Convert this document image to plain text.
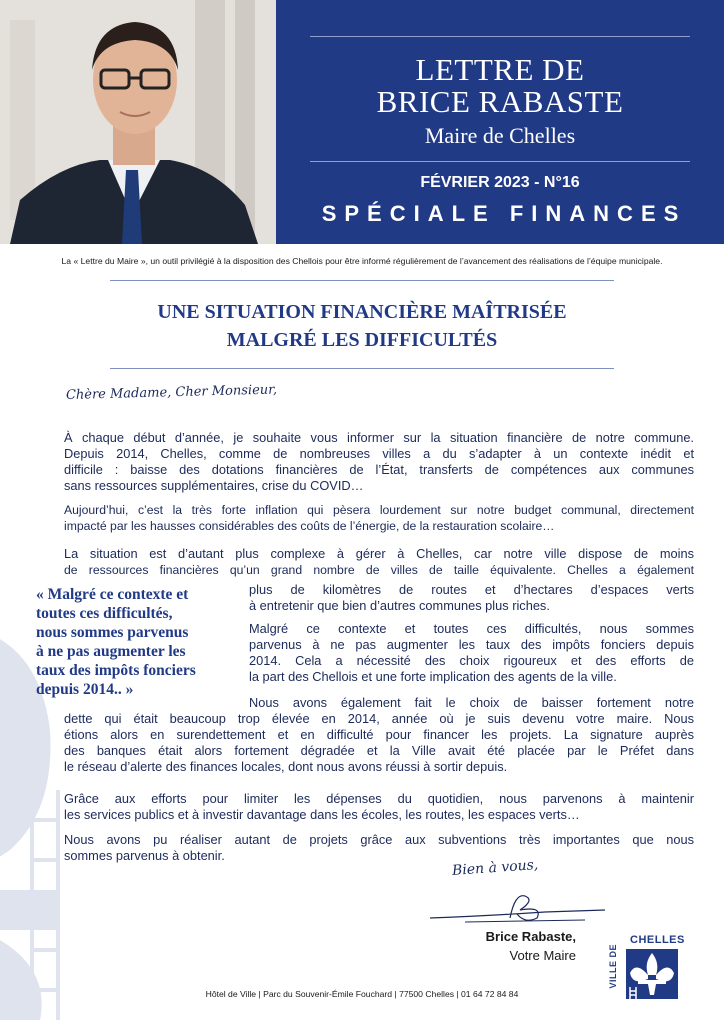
LETTRE DE
BRICE RABASTE
Maire de Chelles
FÉVRIER 2023 - N°16
SPÉCIALE FINANCES
La « Lettre du Maire », un outil privilégié à la disposition des Chellois pour être informé régulièrement de l’avancement des réalisations de l’équipe municipale.
UNE SITUATION FINANCIÈRE MAÎTRISÉE
MALGRÉ LES DIFFICULTÉS
Chère Madame, Cher Monsieur,
À chaque début d’année, je souhaite vous informer sur la situation financière de notre commune.
Depuis 2014, Chelles, comme de nombreuses villes a du s’adapter à un contexte inédit et
difficile : baisse des dotations financières de l’État, transferts de compétences aux communes
sans ressources supplémentaires, crise du COVID…
Aujourd’hui, c’est la très forte inflation qui pèsera lourdement sur notre budget communal, directement
impacté par les hausses considérables des coûts de l’énergie, de la restauration scolaire…
La situation est d’autant plus complexe à gérer à Chelles, car notre ville dispose de moins
de ressources financières qu’un grand nombre de villes de taille équivalente. Chelles a également
plus de kilomètres de routes et d’hectares d’espaces verts
à entretenir que bien d’autres communes plus riches.
Malgré ce contexte et toutes ces difficultés, nous sommes
parvenus à ne pas augmenter les taux des impôts fonciers depuis
2014. Cela a nécessité des choix rigoureux et des efforts de
la part des Chellois et une forte implication des agents de la ville.
Nous avons également fait le choix de baisser fortement notre
dette qui était beaucoup trop élevée en 2014, année où je suis devenu votre maire. Nous
étions alors en surendettement et en difficulté pour financer les projets. La signature auprès
des banques était alors fortement dégradée et la Ville avait été placée par le Préfet dans
le réseau d’alerte des finances locales, dont nous avons réussi à sortir depuis.
Grâce aux efforts pour limiter les dépenses du quotidien, nous parvenons à maintenir
les services publics et à investir davantage dans les écoles, les routes, les espaces verts…
Nous avons pu réaliser autant de projets grâce aux subventions très importantes que nous
sommes parvenus à obtenir.
« Malgré ce contexte et
toutes ces difficultés,
nous sommes parvenus
à ne pas augmenter les
taux des impôts fonciers
depuis 2014.. »
Bien à vous,
Brice Rabaste,
Votre Maire
Hôtel de Ville | Parc du Souvenir-Émile Fouchard | 77500 Chelles | 01 64 72 84 84
CHELLES
VILLE DE
